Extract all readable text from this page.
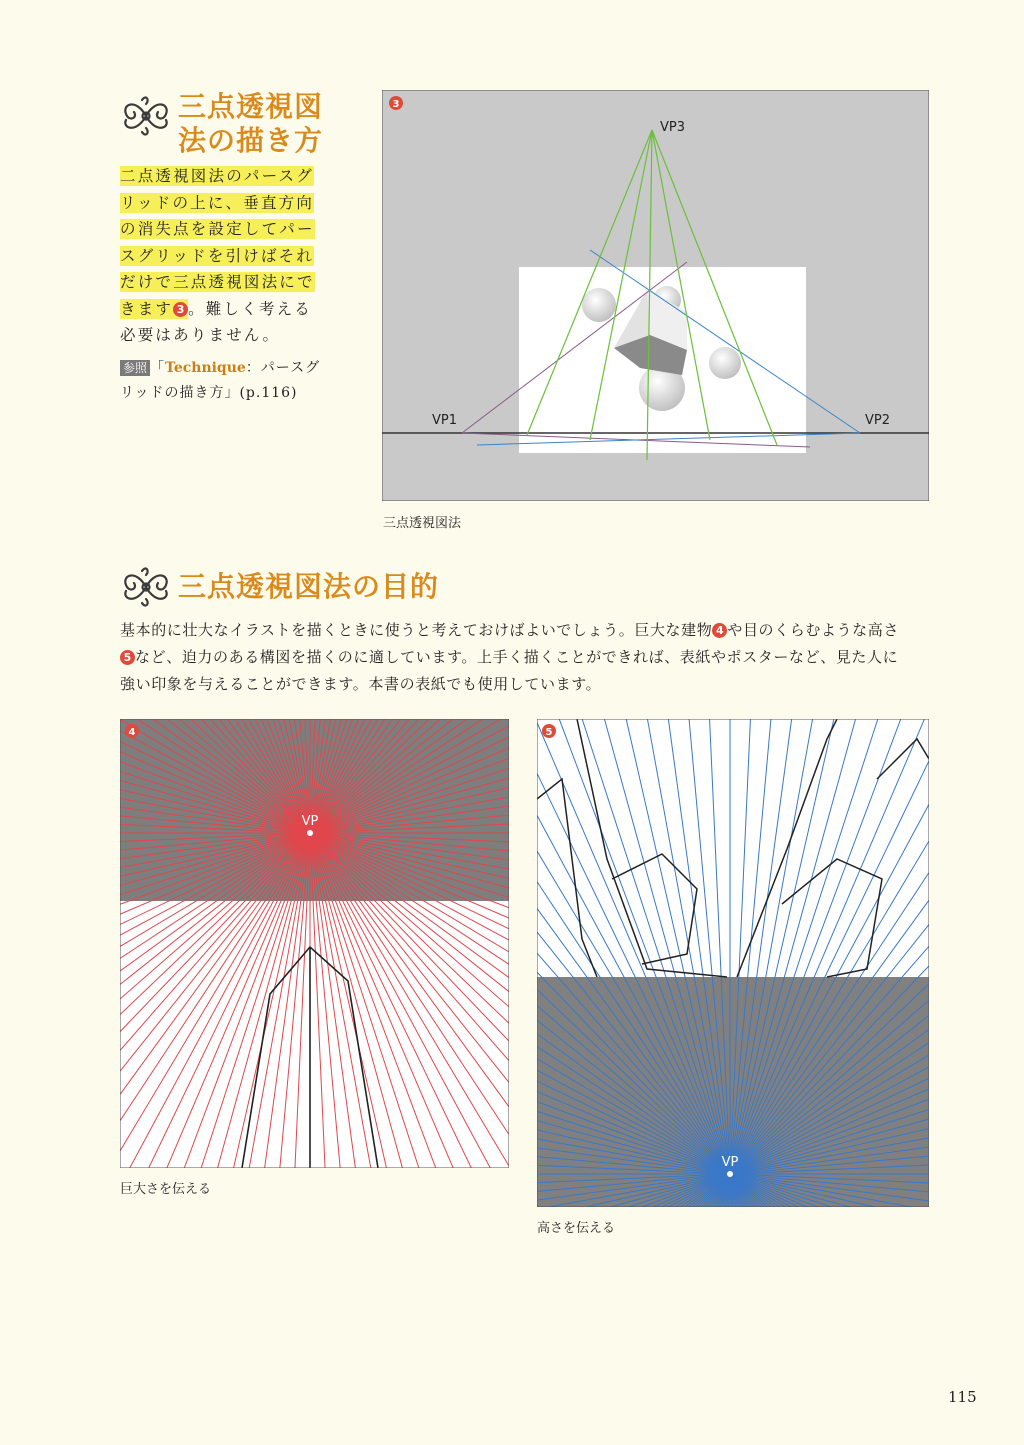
三点透視図
法の描き方
二点透視図法のパースグ
リッドの上に、垂直方向
の消失点を設定してパー
スグリッドを引けばそれ
だけで三点透視図法にで
きます 3 。難しく考える
必要はありません。
参照 「Technique：パースグ
リッドの描き方」(p.116)
3
VP3
VP1	VP2
三点透視図法
三点透視図法の目的
基本的に壮大なイラストを描くときに使うと考えておけばよいでしょう。巨大な建物 4 や目のくらむような高さ
5 など、迫力のある構図を描くのに適しています。上手く描くことができれば、表紙やポスターなど、見た人に
強い印象を与えることができます。本書の表紙でも使用しています。
VP
4
巨大さを伝える
VP
5
高さを伝える
115
